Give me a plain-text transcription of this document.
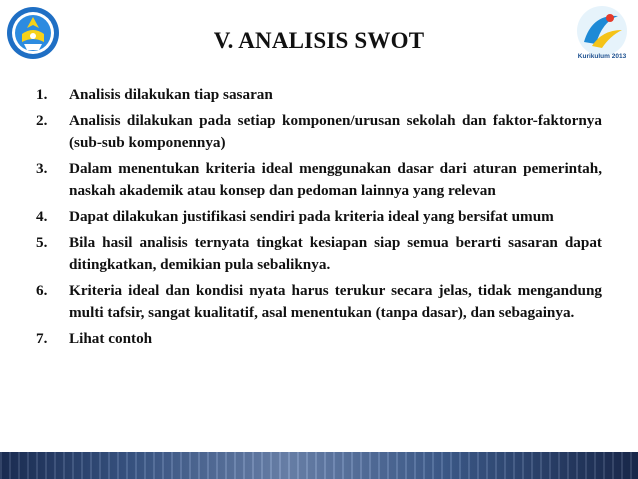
Kurikulum 2013
V. ANALISIS SWOT
1.	Analisis dilakukan tiap sasaran
2.	Analisis dilakukan pada setiap komponen/urusan sekolah dan faktor-faktornya (sub-sub komponennya)
3.	Dalam menentukan kriteria ideal menggunakan dasar dari aturan pemerintah, naskah akademik atau konsep dan pedoman lainnya yang relevan
4.	Dapat dilakukan justifikasi sendiri pada kriteria ideal yang bersifat umum
5.	Bila hasil analisis ternyata tingkat kesiapan siap semua berarti sasaran dapat ditingkatkan, demikian pula sebaliknya.
6.	Kriteria ideal dan kondisi nyata harus terukur secara jelas, tidak mengandung multi tafsir, sangat kualitatif, asal menentukan (tanpa dasar), dan sebagainya.
7.	Lihat contoh
